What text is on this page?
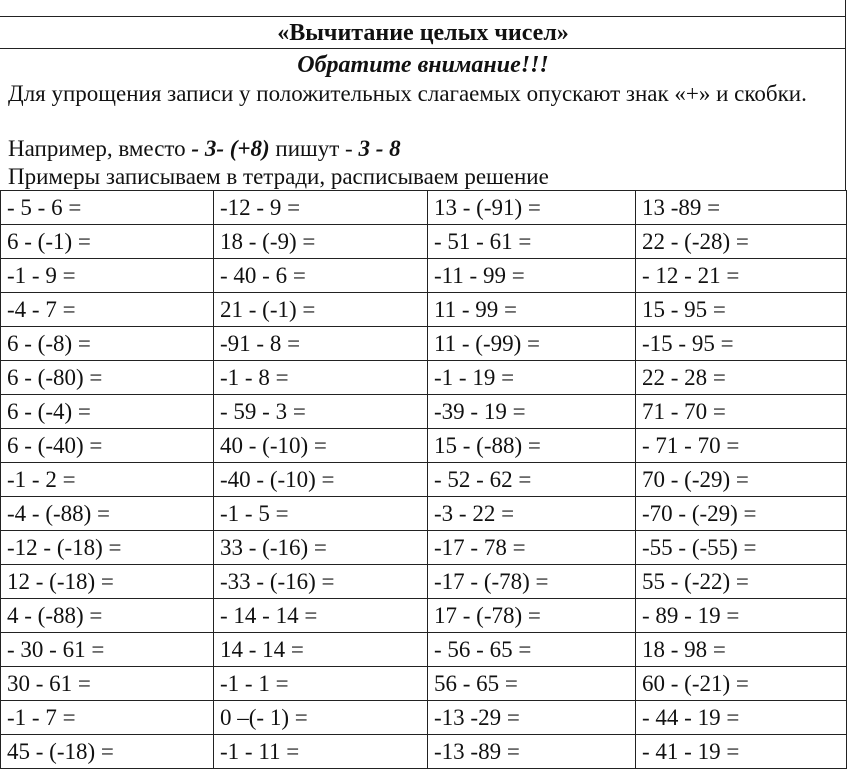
«Вычитание целых чисел»
Обратите внимание!!!
Для упрощения записи у положительных слагаемых опускают знак «+» и скобки.
Например, вместо - 3- (+8) пишут - 3 - 8
Примеры записываем в тетради, расписываем решение
- 5 - 6 =	-12 - 9 =	13 - (-91) =	13 -89 =
6 - (-1) =	18 - (-9) =	- 51 - 61 =	22 - (-28) =
-1 - 9 =	- 40 - 6 =	-11 - 99 =	- 12 - 21 =
-4 - 7 =	21 - (-1) =	11 - 99 =	15 - 95 =
6 - (-8) =	-91 - 8 =	11 - (-99) =	-15 - 95 =
6 - (-80) =	-1 - 8 =	-1 - 19 =	22 - 28 =
6 - (-4) =	- 59 - 3 =	-39 - 19 =	71 - 70 =
6 - (-40) =	40 - (-10) =	15 - (-88) =	- 71 - 70 =
-1 - 2 =	-40 - (-10) =	- 52 - 62 =	70 - (-29) =
-4 - (-88) =	-1 - 5 =	-3 - 22 =	-70 - (-29) =
-12 - (-18) =	33 - (-16) =	-17 - 78 =	-55 - (-55) =
12 - (-18) =	-33 - (-16) =	-17 - (-78) =	55 - (-22) =
4 - (-88) =	- 14 - 14 =	17 - (-78) =	- 89 - 19 =
- 30 - 61 =	14 - 14 =	- 56 - 65 =	18 - 98 =
30 - 61 =	-1 - 1 =	56 - 65 =	60 - (-21) =
-1 - 7 =	0 –(- 1) =	-13 -29 =	- 44 - 19 =
45 - (-18) =	-1 - 11 =	-13 -89 =	- 41 - 19 =
